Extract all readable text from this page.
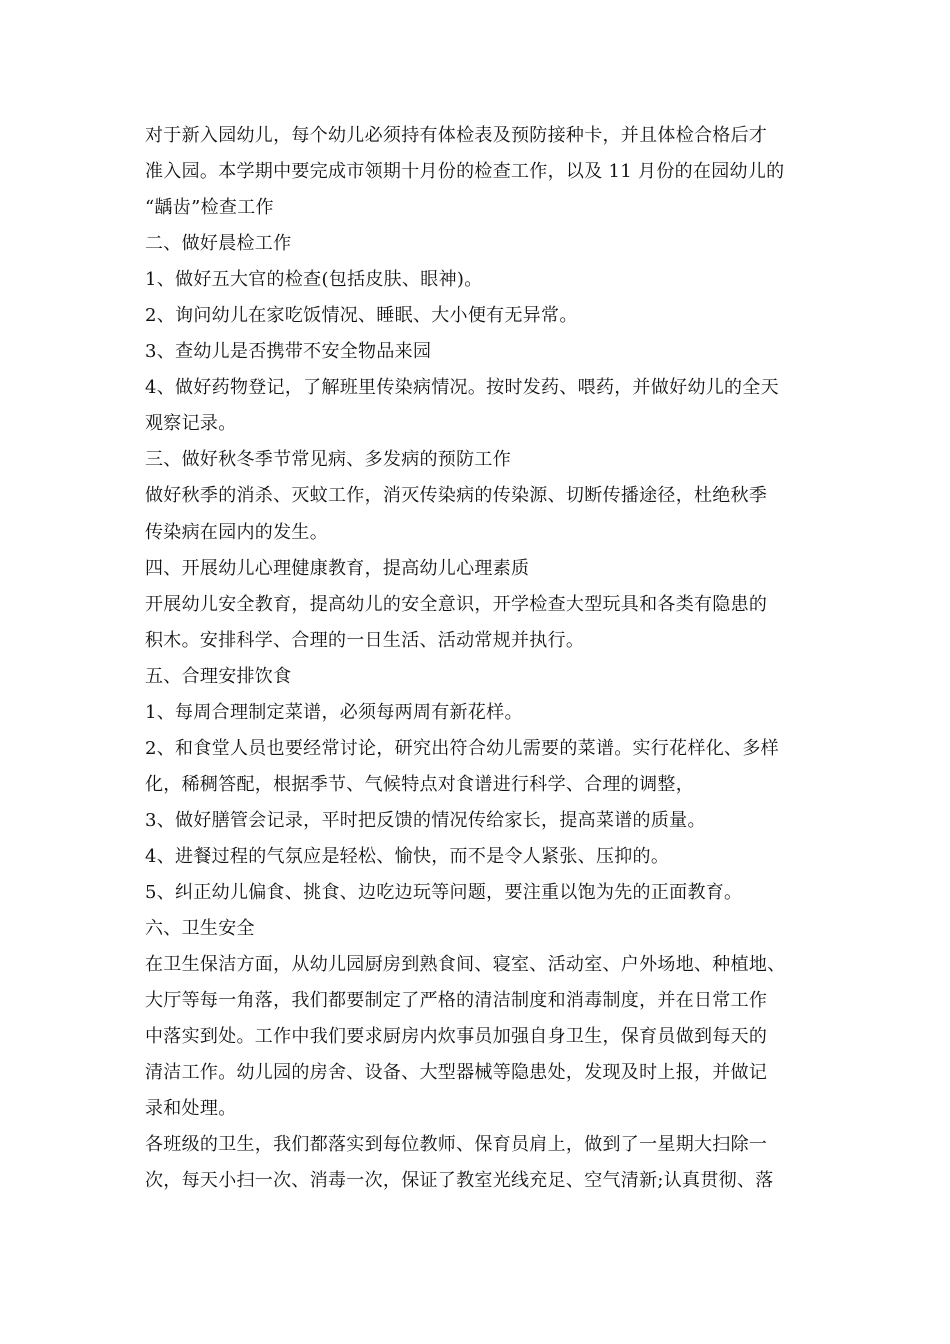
对于新入园幼儿，每个幼儿必须持有体检表及预防接种卡，并且体检合格后才
准入园。本学期中要完成市领期十月份的检查工作，以及 11 月份的在园幼儿的
“龋齿”检查工作
二、做好晨检工作
1、做好五大官的检查(包括皮肤、眼神)。
2、询问幼儿在家吃饭情况、睡眠、大小便有无异常。
3、查幼儿是否携带不安全物品来园
4、做好药物登记，了解班里传染病情况。按时发药、喂药，并做好幼儿的全天
观察记录。
三、做好秋冬季节常见病、多发病的预防工作
做好秋季的消杀、灭蚊工作，消灭传染病的传染源、切断传播途径，杜绝秋季
传染病在园内的发生。
四、开展幼儿心理健康教育，提高幼儿心理素质
开展幼儿安全教育，提高幼儿的安全意识，开学检查大型玩具和各类有隐患的
积木。安排科学、合理的一日生活、活动常规并执行。
五、合理安排饮食
1、每周合理制定菜谱，必须每两周有新花样。
2、和食堂人员也要经常讨论，研究出符合幼儿需要的菜谱。实行花样化、多样
化，稀稠答配，根据季节、气候特点对食谱进行科学、合理的调整，
3、做好膳管会记录，平时把反馈的情况传给家长，提高菜谱的质量。
4、进餐过程的气氛应是轻松、愉快，而不是令人紧张、压抑的。
5、纠正幼儿偏食、挑食、边吃边玩等问题，要注重以饱为先的正面教育。
六、卫生安全
在卫生保洁方面，从幼儿园厨房到熟食间、寝室、活动室、户外场地、种植地、
大厅等每一角落，我们都要制定了严格的清洁制度和消毒制度，并在日常工作
中落实到处。工作中我们要求厨房内炊事员加强自身卫生，保育员做到每天的
清洁工作。幼儿园的房舍、设备、大型器械等隐患处，发现及时上报，并做记
录和处理。
各班级的卫生，我们都落实到每位教师、保育员肩上，做到了一星期大扫除一
次，每天小扫一次、消毒一次，保证了教室光线充足、空气清新;认真贯彻、落
